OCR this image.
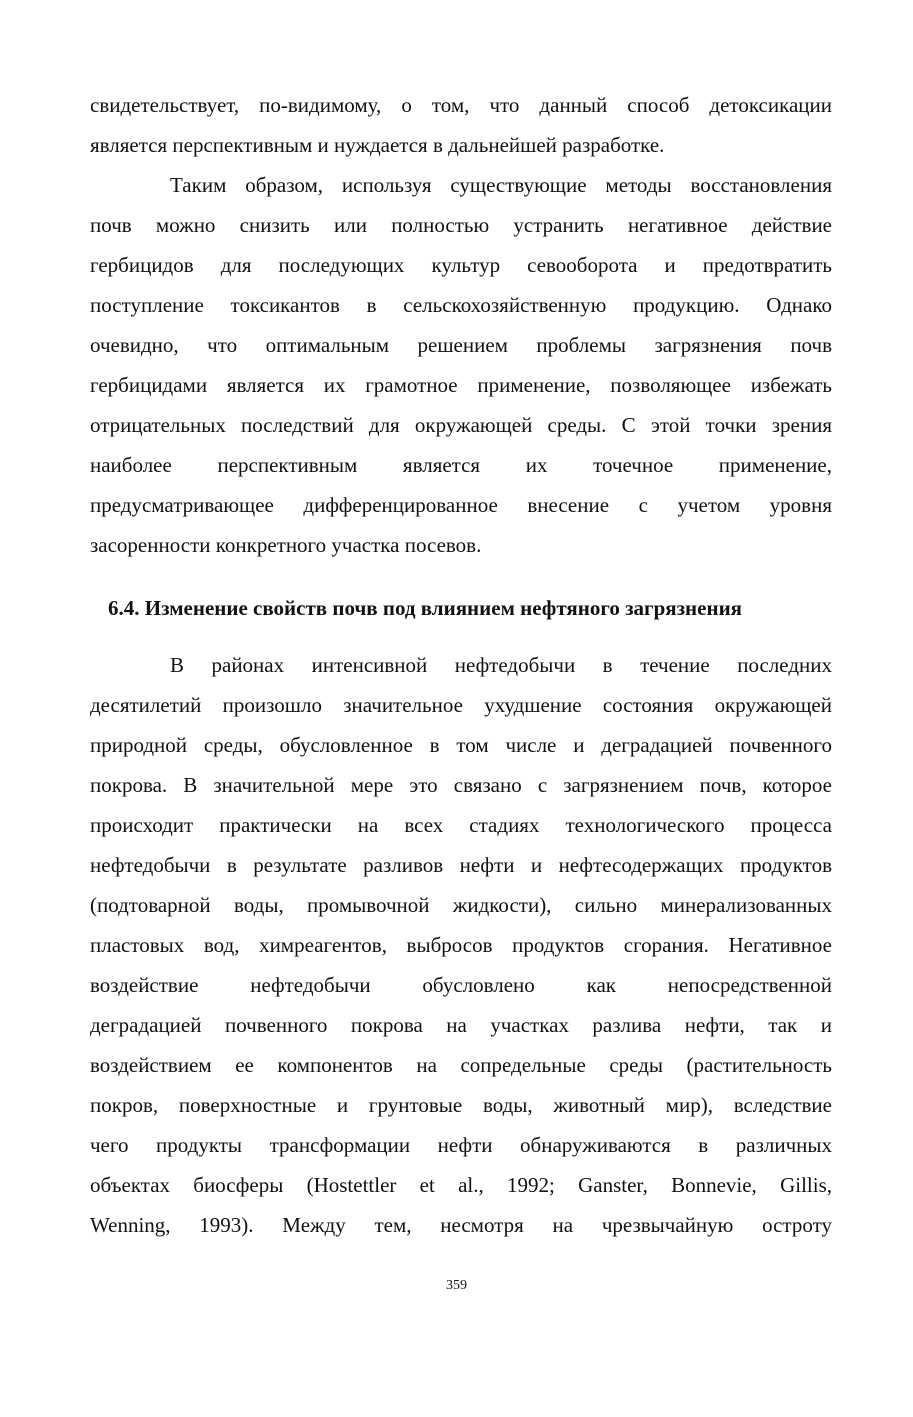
свидетельствует, по-видимому, о том, что данный способ детоксикации
является перспективным и нуждается в дальнейшей разработке.
Таким образом, используя существующие методы восстановления
почв можно снизить или полностью устранить негативное действие
гербицидов для последующих культур севооборота и предотвратить
поступление токсикантов в сельскохозяйственную продукцию. Однако
очевидно, что оптимальным решением проблемы загрязнения почв
гербицидами является их грамотное применение, позволяющее избежать
отрицательных последствий для окружающей среды. С этой точки зрения
наиболее перспективным является их точечное применение,
предусматривающее дифференцированное внесение с учетом уровня
засоренности конкретного участка посевов.
6.4. Изменение свойств почв под влиянием нефтяного загрязнения
В районах интенсивной нефтедобычи в течение последних
десятилетий произошло значительное ухудшение состояния окружающей
природной среды, обусловленное в том числе и деградацией почвенного
покрова. В значительной мере это связано с загрязнением почв, которое
происходит практически на всех стадиях технологического процесса
нефтедобычи в результате разливов нефти и нефтесодержащих продуктов
(подтоварной воды, промывочной жидкости), сильно минерализованных
пластовых вод, химреагентов, выбросов продуктов сгорания. Негативное
воздействие нефтедобычи обусловлено как непосредственной
деградацией почвенного покрова на участках разлива нефти, так и
воздействием ее компонентов на сопредельные среды (растительность
покров, поверхностные и грунтовые воды, животный мир), вследствие
чего продукты трансформации нефти обнаруживаются в различных
объектах биосферы (Hostettler et al., 1992; Ganster, Bonnevie, Gillis,
Wenning, 1993). Между тем, несмотря на чрезвычайную остроту
359
